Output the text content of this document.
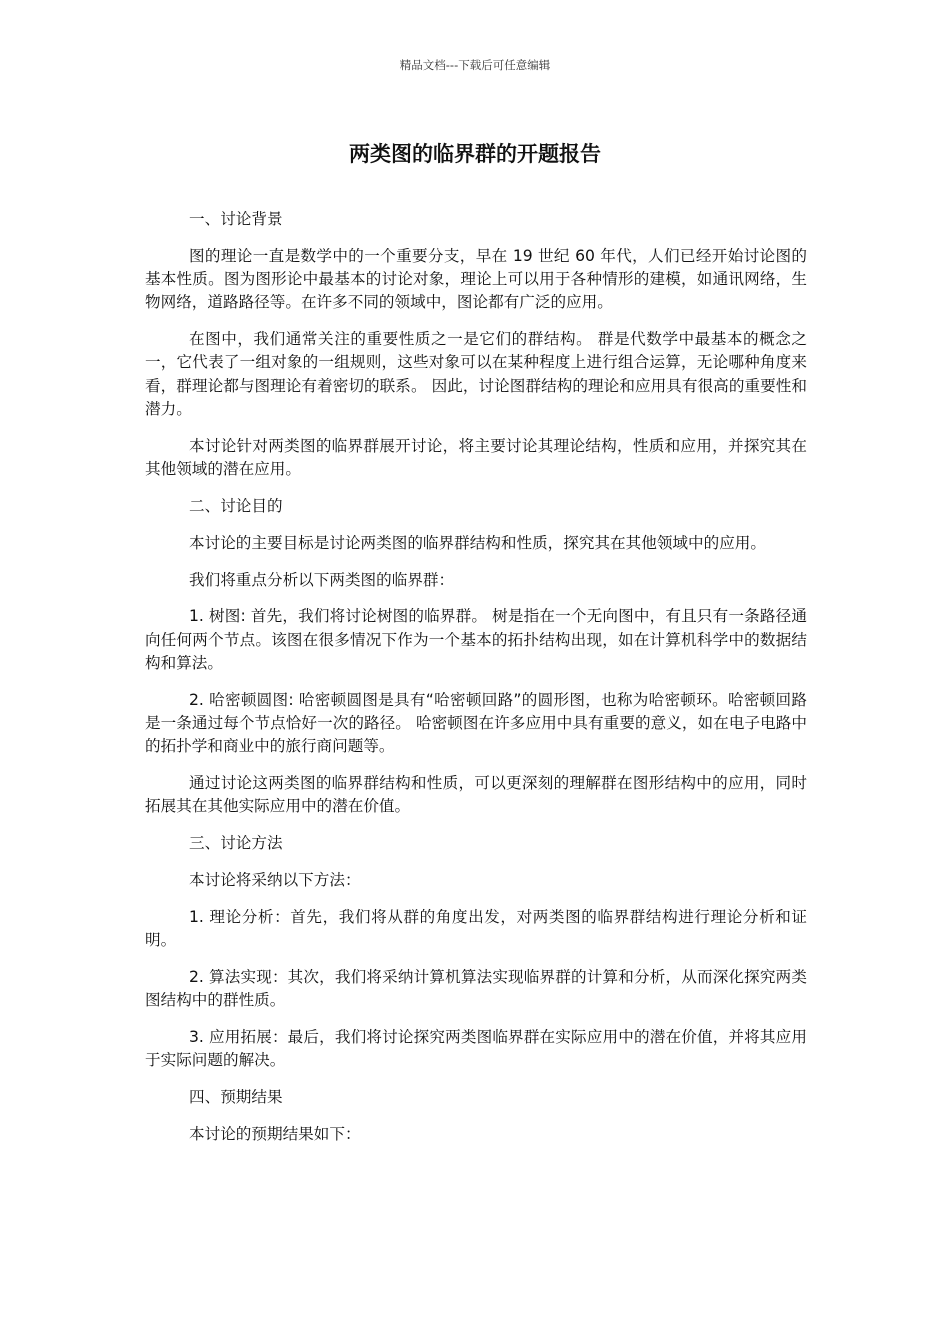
精品文档---下载后可任意编辑
两类图的临界群的开题报告

一、讨论背景

图的理论一直是数学中的一个重要分支，早在 19 世纪 60 年代，人们已经开始讨论图的基本性质。图为图形论中最基本的讨论对象，理论上可以用于各种情形的建模，如通讯网络，生物网络，道路路径等。在许多不同的领域中，图论都有广泛的应用。

在图中，我们通常关注的重要性质之一是它们的群结构。 群是代数学中最基本的概念之一，它代表了一组对象的一组规则，这些对象可以在某种程度上进行组合运算，无论哪种角度来看，群理论都与图理论有着密切的联系。 因此，讨论图群结构的理论和应用具有很高的重要性和潜力。

本讨论针对两类图的临界群展开讨论，将主要讨论其理论结构，性质和应用，并探究其在其他领域的潜在应用。

二、讨论目的

本讨论的主要目标是讨论两类图的临界群结构和性质，探究其在其他领域中的应用。

我们将重点分析以下两类图的临界群：

1. 树图: 首先，我们将讨论树图的临界群。 树是指在一个无向图中，有且只有一条路径通向任何两个节点。该图在很多情况下作为一个基本的拓扑结构出现，如在计算机科学中的数据结构和算法。

2. 哈密顿圆图: 哈密顿圆图是具有“哈密顿回路”的圆形图，也称为哈密顿环。哈密顿回路是一条通过每个节点恰好一次的路径。 哈密顿图在许多应用中具有重要的意义，如在电子电路中的拓扑学和商业中的旅行商问题等。

通过讨论这两类图的临界群结构和性质，可以更深刻的理解群在图形结构中的应用，同时拓展其在其他实际应用中的潜在价值。

三、讨论方法

本讨论将采纳以下方法：

1. 理论分析：首先，我们将从群的角度出发，对两类图的临界群结构进行理论分析和证明。

2. 算法实现：其次，我们将采纳计算机算法实现临界群的计算和分析，从而深化探究两类图结构中的群性质。

3. 应用拓展：最后，我们将讨论探究两类图临界群在实际应用中的潜在价值，并将其应用于实际问题的解决。

四、预期结果

本讨论的预期结果如下：
